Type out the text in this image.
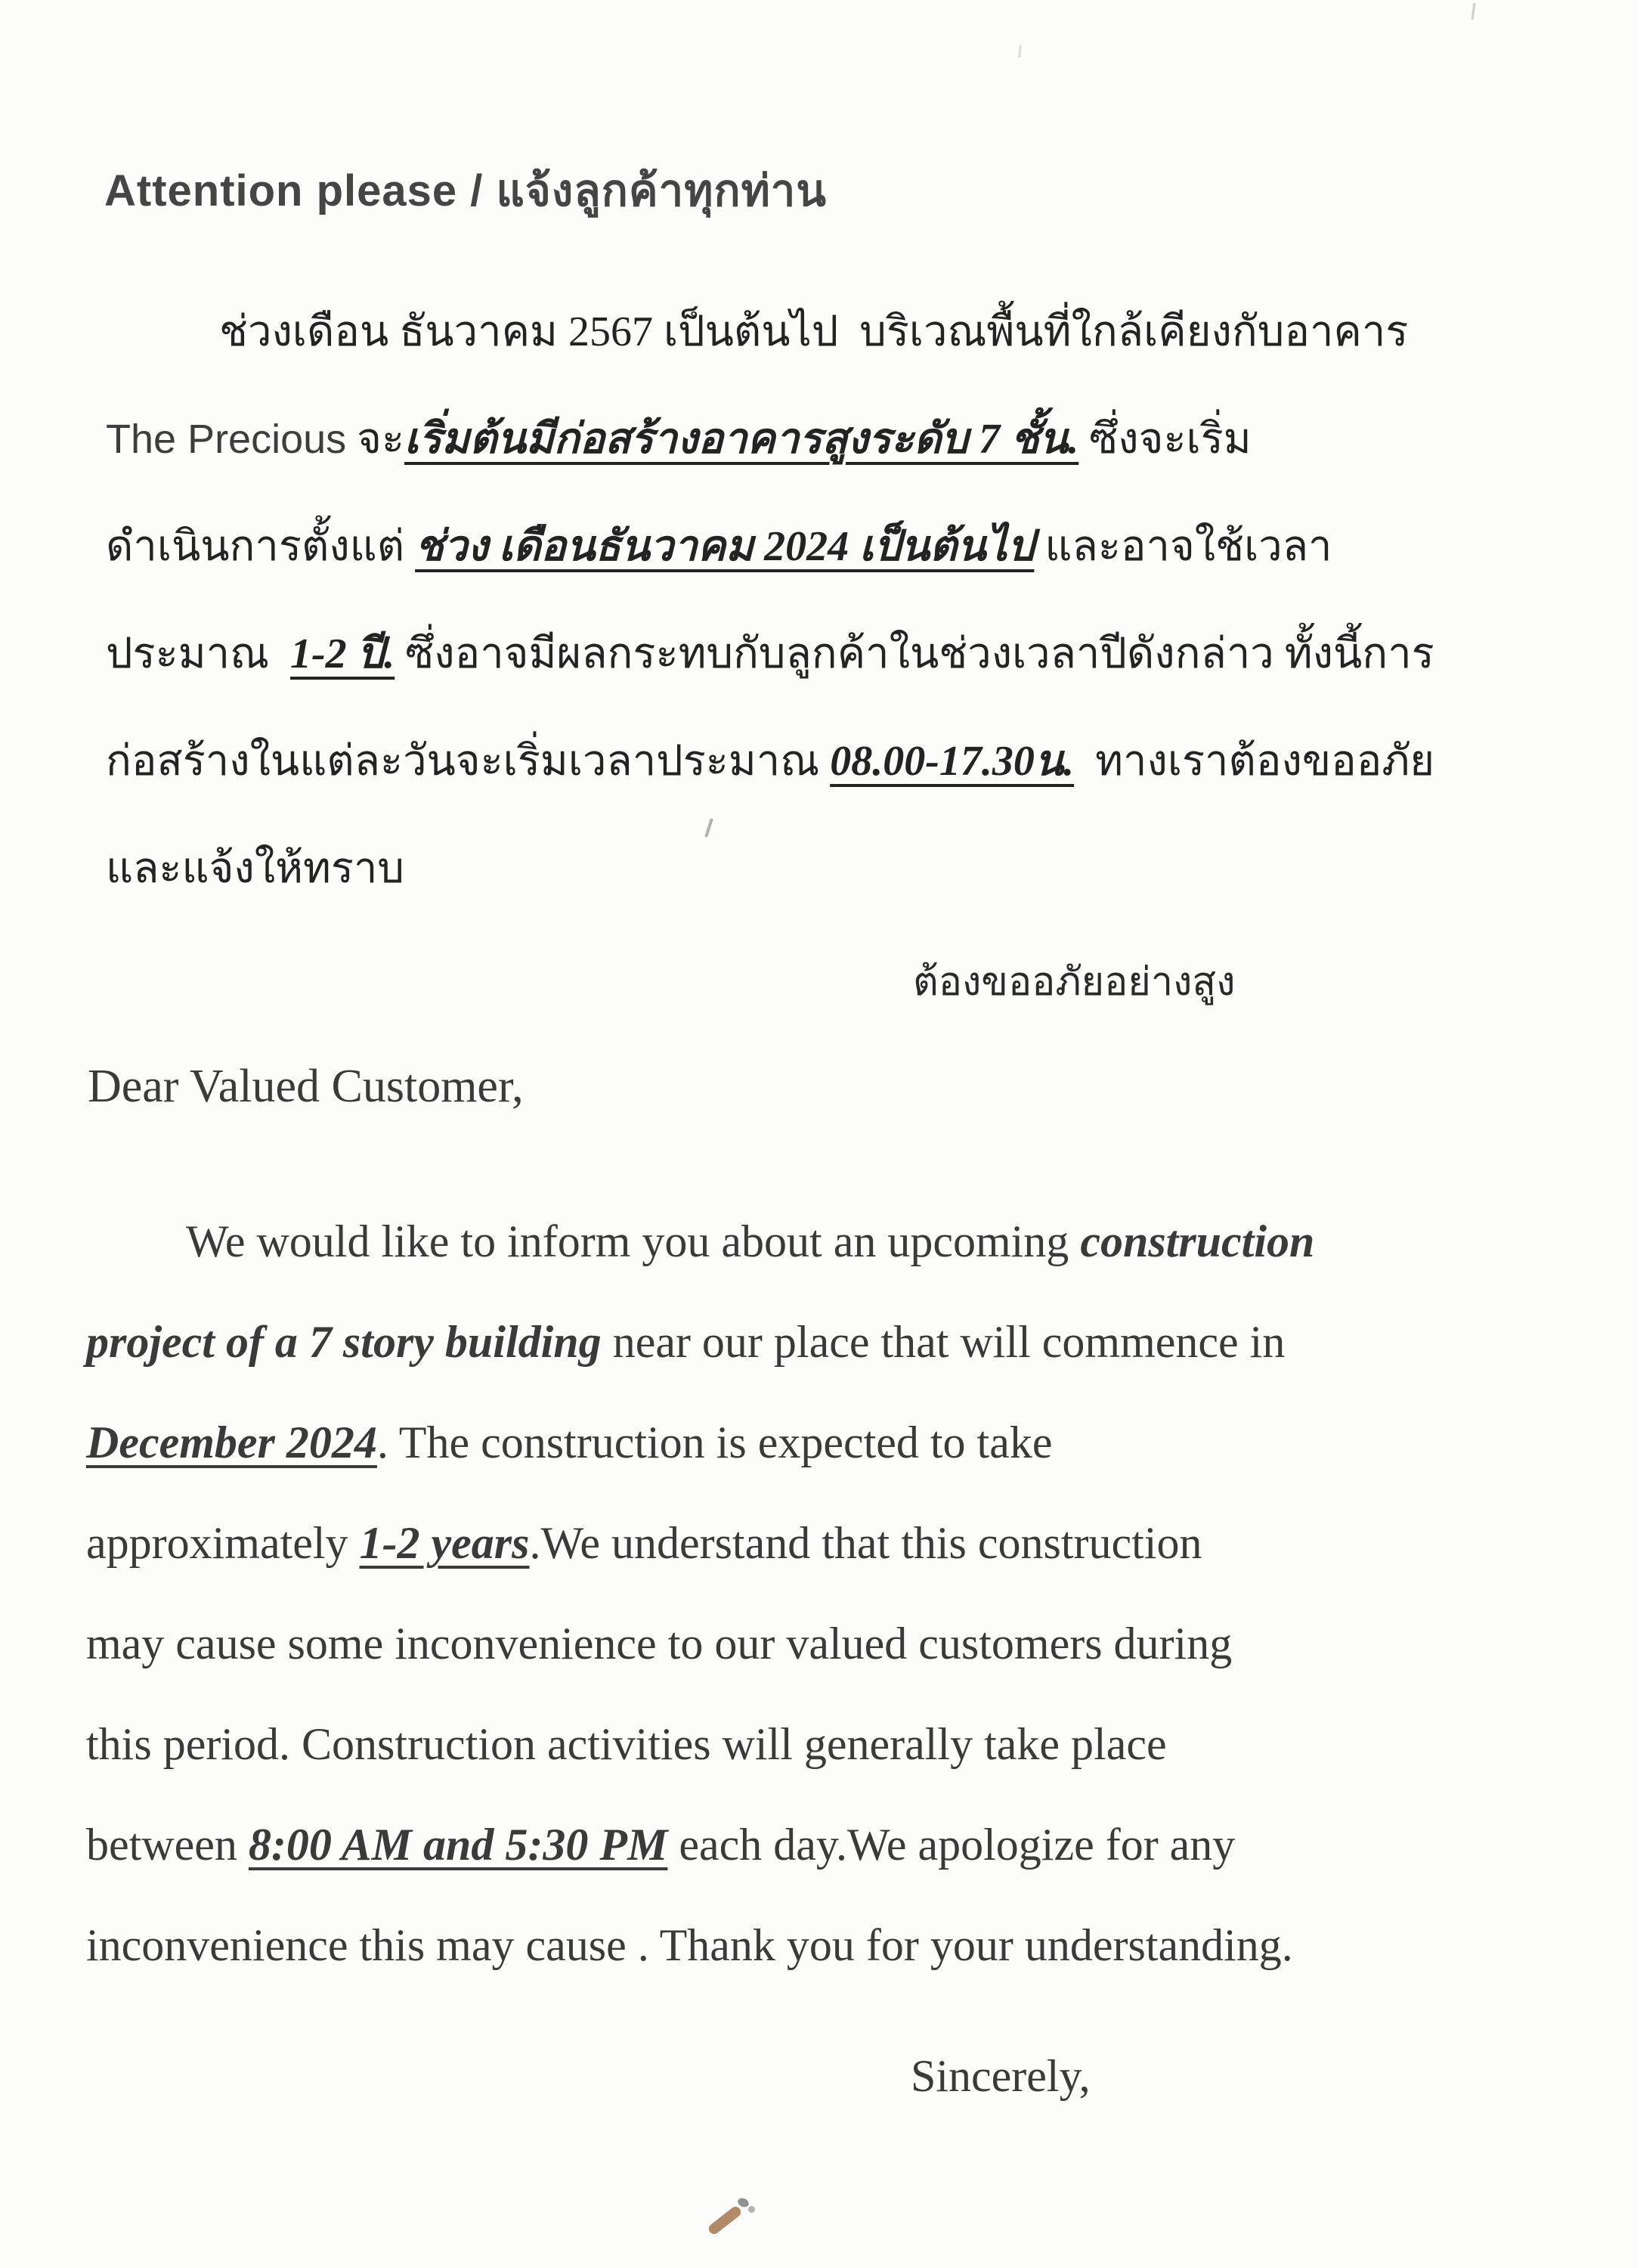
Attention please / แจ้งลูกค้าทุกท่าน
ช่วงเดือน ธันวาคม 2567 เป็นต้นไป  บริเวณพื้นที่ใกล้เคียงกับอาคาร
The Precious จะเริ่มต้นมีก่อสร้างอาคารสูงระดับ 7 ชั้น. ซึ่งจะเริ่ม
ดำเนินการตั้งแต่ ช่วง เดือนธันวาคม 2024 เป็นต้นไป และอาจใช้เวลา
ประมาณ  1-2 ปี. ซึ่งอาจมีผลกระทบกับลูกค้าในช่วงเวลาปีดังกล่าว ทั้งนี้การ
ก่อสร้างในแต่ละวันจะเริ่มเวลาประมาณ 08.00-17.30น.  ทางเราต้องขออภัย
และแจ้งให้ทราบ
ต้องขออภัยอย่างสูง
Dear Valued Customer,
We would like to inform you about an upcoming construction
project of a 7 story building near our place that will commence in
December 2024. The construction is expected to take
approximately 1-2 years.We understand that this construction
may cause some inconvenience to our valued customers during
this period. Construction activities will generally take place
between 8:00 AM and 5:30 PM each day.We apologize for any
inconvenience this may cause . Thank you for your understanding.
Sincerely,
